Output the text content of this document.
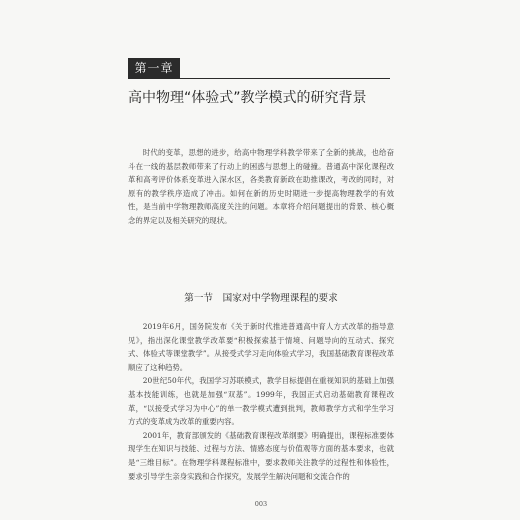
第一章
高中物理“体验式”教学模式的研究背景

时代的变革，思想的进步，给高中物理学科教学带来了全新的挑战，也给奋斗在一线的基层教师带来了行动上的困惑与思想上的碰撞。普通高中深化课程改革和高考评价体系变革进入深水区，各类教育新政在助推课改，考改的同时，对原有的教学秩序造成了冲击。如何在新的历史时期进一步提高物理教学的有效性，是当前中学物理教师高度关注的问题。本章将介绍问题提出的背景、核心概念的界定以及相关研究的现状。

第一节　国家对中学物理课程的要求

2019年6月，国务院发布《关于新时代推进普通高中育人方式改革的指导意见》，指出深化课堂教学改革要“积极探索基于情境、问题导向的互动式、探究式、体验式等课堂教学”。从接受式学习走向体验式学习，我国基础教育课程改革顺应了这种趋势。

20世纪50年代，我国学习苏联模式，教学目标提倡在重视知识的基础上加强基本技能训练，也就是加强“双基”。1999年，我国正式启动基础教育课程改革，“以接受式学习为中心”的单一教学模式遭到批判，教师教学方式和学生学习方式的变革成为改革的重要内容。

2001年，教育部颁发的《基础教育课程改革纲要》明确提出，课程标准要体现学生在知识与技能、过程与方法、情感态度与价值观等方面的基本要求，也就是“三维目标”。在物理学科课程标准中，要求教师关注教学的过程性和体验性，要求引导学生亲身实践和合作探究，发展学生解决问题和交流合作的

003
